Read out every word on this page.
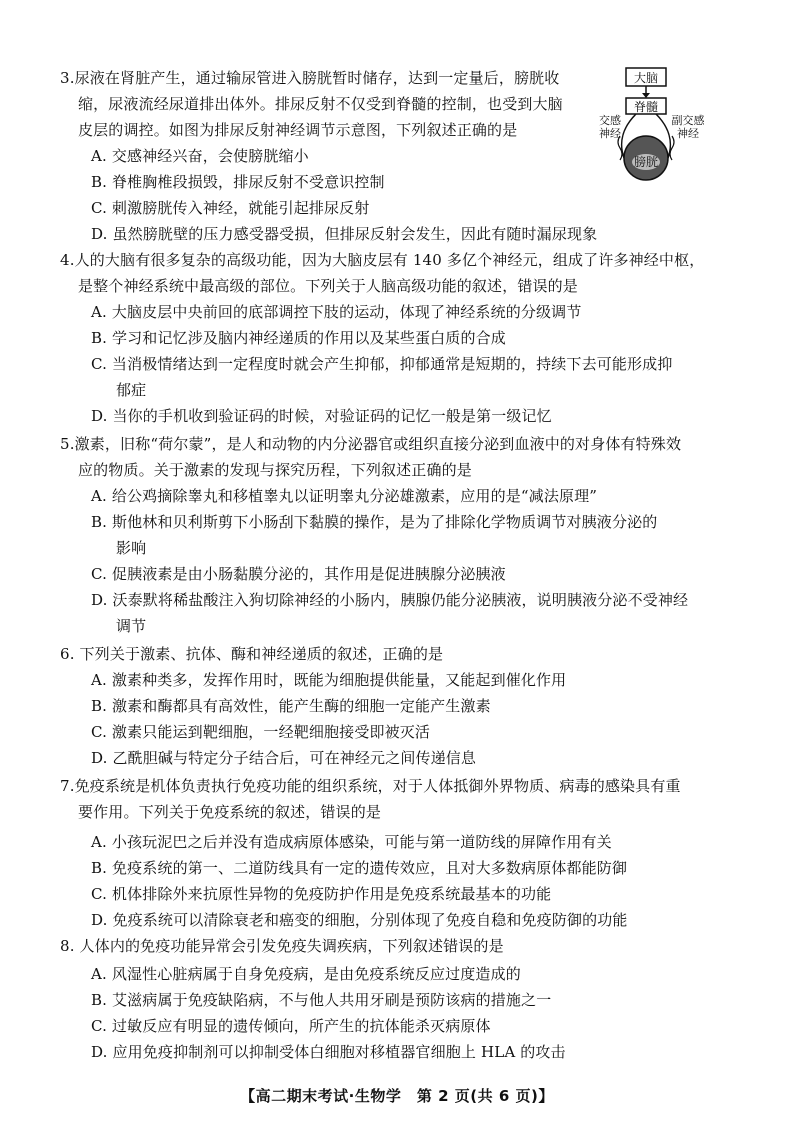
3.尿液在肾脏产生，通过输尿管进入膀胱暂时储存，达到一定量后，膀胱收
缩，尿液流经尿道排出体外。排尿反射不仅受到脊髓的控制，也受到大脑
皮层的调控。如图为排尿反射神经调节示意图，下列叙述正确的是
A. 交感神经兴奋，会使膀胱缩小
B. 脊椎胸椎段损毁，排尿反射不受意识控制
C. 刺激膀胱传入神经，就能引起排尿反射
D. 虽然膀胱壁的压力感受器受损，但排尿反射会发生，因此有随时漏尿现象
大脑
脊髓
交感
神经
副交感
神经
膀胱
4.人的大脑有很多复杂的高级功能，因为大脑皮层有 140 多亿个神经元，组成了许多神经中枢，
是整个神经系统中最高级的部位。下列关于人脑高级功能的叙述，错误的是
A. 大脑皮层中央前回的底部调控下肢的运动，体现了神经系统的分级调节
B. 学习和记忆涉及脑内神经递质的作用以及某些蛋白质的合成
C. 当消极情绪达到一定程度时就会产生抑郁，抑郁通常是短期的，持续下去可能形成抑
郁症
D. 当你的手机收到验证码的时候，对验证码的记忆一般是第一级记忆
5.激素，旧称“荷尔蒙”，是人和动物的内分泌器官或组织直接分泌到血液中的对身体有特殊效
应的物质。关于激素的发现与探究历程，下列叙述正确的是
A. 给公鸡摘除睾丸和移植睾丸以证明睾丸分泌雄激素，应用的是“减法原理”
B. 斯他林和贝利斯剪下小肠刮下黏膜的操作，是为了排除化学物质调节对胰液分泌的
影响
C. 促胰液素是由小肠黏膜分泌的，其作用是促进胰腺分泌胰液
D. 沃泰默将稀盐酸注入狗切除神经的小肠内，胰腺仍能分泌胰液，说明胰液分泌不受神经
调节
6. 下列关于激素、抗体、酶和神经递质的叙述，正确的是
A. 激素种类多，发挥作用时，既能为细胞提供能量，又能起到催化作用
B. 激素和酶都具有高效性，能产生酶的细胞一定能产生激素
C. 激素只能运到靶细胞，一经靶细胞接受即被灭活
D. 乙酰胆碱与特定分子结合后，可在神经元之间传递信息
7.免疫系统是机体负责执行免疫功能的组织系统，对于人体抵御外界物质、病毒的感染具有重
要作用。下列关于免疫系统的叙述，错误的是
A. 小孩玩泥巴之后并没有造成病原体感染，可能与第一道防线的屏障作用有关
B. 免疫系统的第一、二道防线具有一定的遗传效应，且对大多数病原体都能防御
C. 机体排除外来抗原性异物的免疫防护作用是免疫系统最基本的功能
D. 免疫系统可以清除衰老和癌变的细胞，分别体现了免疫自稳和免疫防御的功能
8. 人体内的免疫功能异常会引发免疫失调疾病，下列叙述错误的是
A. 风湿性心脏病属于自身免疫病，是由免疫系统反应过度造成的
B. 艾滋病属于免疫缺陷病，不与他人共用牙刷是预防该病的措施之一
C. 过敏反应有明显的遗传倾向，所产生的抗体能杀灭病原体
D. 应用免疫抑制剂可以抑制受体白细胞对移植器官细胞上 HLA 的攻击
【高二期末考试·生物学　第 2 页(共 6 页)】
